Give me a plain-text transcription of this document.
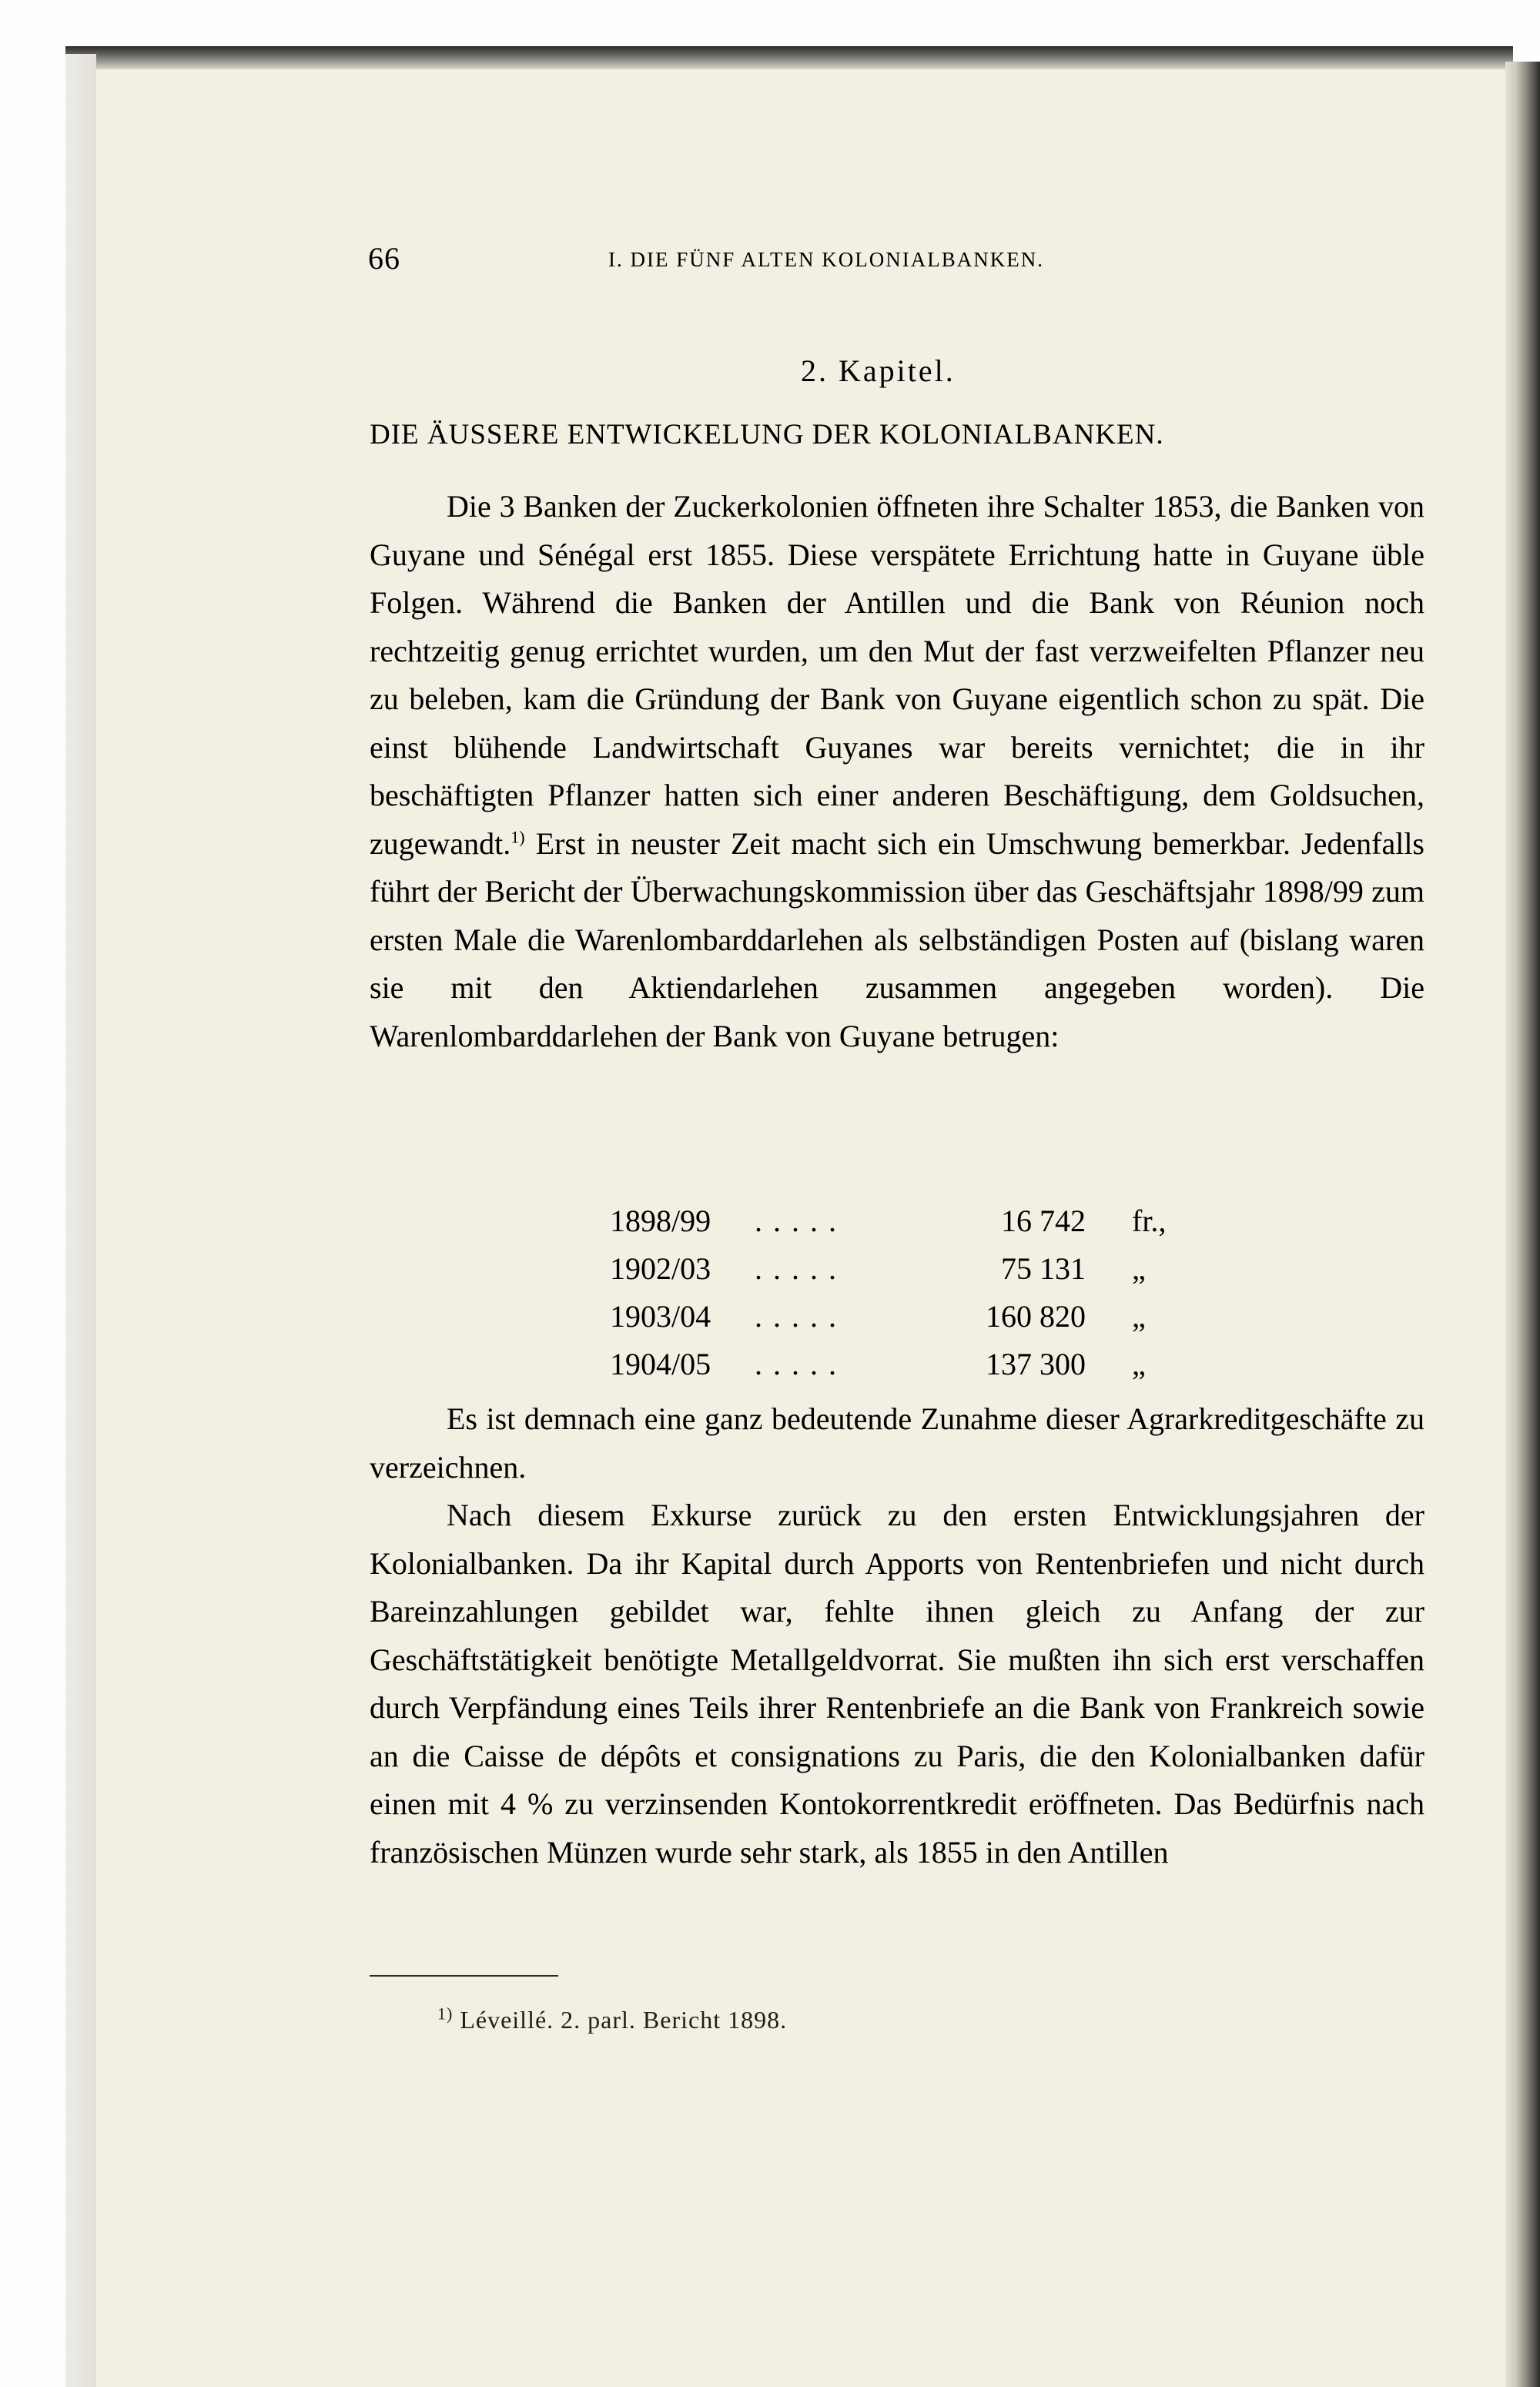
66	I. DIE FÜNF ALTEN KOLONIALBANKEN.
2. Kapitel.
DIE ÄUSSERE ENTWICKELUNG DER KOLONIALBANKEN.
Die 3 Banken der Zuckerkolonien öffneten ihre Schalter 1853, die Banken von Guyane und Sénégal erst 1855. Diese verspätete Errichtung hatte in Guyane üble Folgen. Während die Banken der Antillen und die Bank von Réunion noch rechtzeitig genug errichtet wurden, um den Mut der fast verzweifelten Pflanzer neu zu beleben, kam die Gründung der Bank von Guyane eigentlich schon zu spät. Die einst blühende Landwirtschaft Guyanes war bereits vernichtet; die in ihr beschäftigten Pflanzer hatten sich einer anderen Beschäftigung, dem Goldsuchen, zugewandt.$^{1)}$ Erst in neuster Zeit macht sich ein Umschwung bemerkbar. Jedenfalls führt der Bericht der Überwachungskommission über das Geschäftsjahr 1898/99 zum ersten Male die Warenlombarddarlehen als selbständigen Posten auf (bislang waren sie mit den Aktiendarlehen zusammen angegeben worden). Die Warenlombarddarlehen der Bank von Guyane betrugen:
1898/99 .....	16 742 fr.,
1902/03 .....	75 131 „
1903/04 .....	160 820 „
1904/05 .....	137 300 „
Es ist demnach eine ganz bedeutende Zunahme dieser Agrarkreditgeschäfte zu verzeichnen.
Nach diesem Exkurse zurück zu den ersten Entwicklungsjahren der Kolonialbanken. Da ihr Kapital durch Apports von Rentenbriefen und nicht durch Bareinzahlungen gebildet war, fehlte ihnen gleich zu Anfang der zur Geschäftstätigkeit benötigte Metallgeldvorrat. Sie mußten ihn sich erst verschaffen durch Verpfändung eines Teils ihrer Rentenbriefe an die Bank von Frankreich sowie an die Caisse de dépôts et consignations zu Paris, die den Kolonialbanken dafür einen mit 4 % zu verzinsenden Kontokorrentkredit eröffneten. Das Bedürfnis nach französischen Münzen wurde sehr stark, als 1855 in den Antillen
$^{1)}$ Léveillé. 2. parl. Bericht 1898.
